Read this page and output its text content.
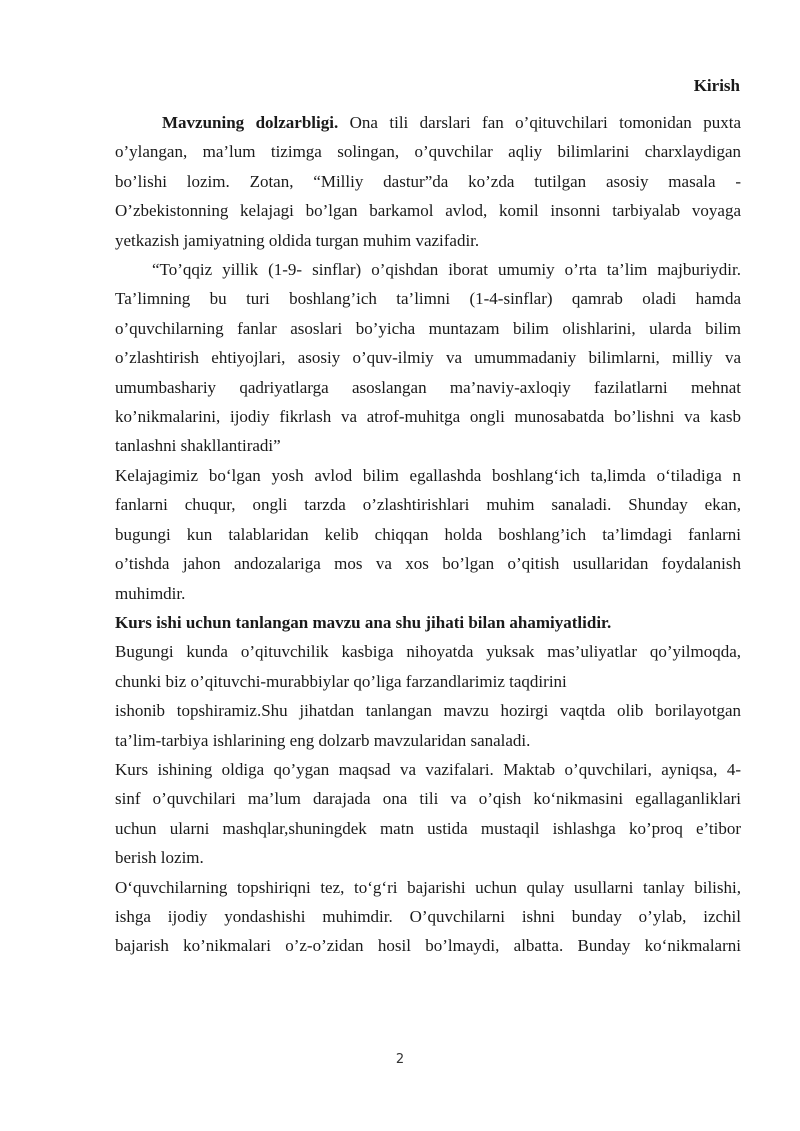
Kirish

Mavzuning dolzarbligi. Ona tili darslari fan o’qituvchilari tomonidan puxta
o’ylangan, ma’lum tizimga solingan, o’quvchilar aqliy bilimlarini charxlaydigan
bo’lishi lozim. Zotan, “Milliy dastur”da ko’zda tutilgan asosiy masala -
O’zbekistonning kelajagi bo’lgan barkamol avlod, komil insonni tarbiyalab voyaga
yetkazish jamiyatning oldida turgan muhim vazifadir.

“To’qqiz yillik (1-9- sinflar) o’qishdan iborat umumiy o’rta ta’lim majburiydir.
Ta’limning bu turi boshlang’ich ta’limni (1-4-sinflar) qamrab oladi hamda
o’quvchilarning fanlar asoslari bo’yicha muntazam bilim olishlarini, ularda bilim
o’zlashtirish ehtiyojlari, asosiy o’quv-ilmiy va umummadaniy bilimlarni, milliy va
umumbashariy qadriyatlarga asoslangan ma’naviy-axloqiy fazilatlarni mehnat
ko’nikmalarini, ijodiy fikrlash va atrof-muhitga ongli munosabatda bo’lishni va kasb
tanlashni shakllantiradi”

Kelajagimiz bo‘lgan yosh avlod bilim egallashda boshlang‘ich ta,limda o‘tiladiga n
fanlarni chuqur, ongli tarzda o’zlashtirishlari muhim sanaladi. Shunday ekan,
bugungi kun talablaridan kelib chiqqan holda boshlang’ich ta’limdagi fanlarni
o’tishda jahon andozalariga mos va xos bo’lgan o’qitish usullaridan foydalanish
muhimdir.

Kurs ishi uchun tanlangan mavzu ana shu jihati bilan ahamiyatlidir.

Bugungi kunda o’qituvchilik kasbiga nihoyatda yuksak mas’uliyatlar qo’yilmoqda,
chunki biz o’qituvchi-murabbiylar qo’liga farzandlarimiz taqdirini
ishonib topshiramiz.Shu jihatdan tanlangan mavzu hozirgi vaqtda olib borilayotgan
ta’lim-tarbiya ishlarining eng dolzarb mavzularidan sanaladi.

Kurs ishining oldiga qo’ygan maqsad va vazifalari. Maktab o’quvchilari, ayniqsa, 4-
sinf o’quvchilari ma’lum darajada ona tili va o’qish ko‘nikmasini egallaganliklari
uchun ularni mashqlar,shuningdek matn ustida mustaqil ishlashga ko’proq e’tibor
berish lozim.

O‘quvchilarning topshiriqni tez, to‘g‘ri bajarishi uchun qulay usullarni tanlay bilishi,
ishga ijodiy yondashishi muhimdir. O’quvchilarni ishni bunday o’ylab, izchil
bajarish ko’nikmalari o’z-o’zidan hosil bo’lmaydi, albatta. Bunday ko‘nikmalarni

2
